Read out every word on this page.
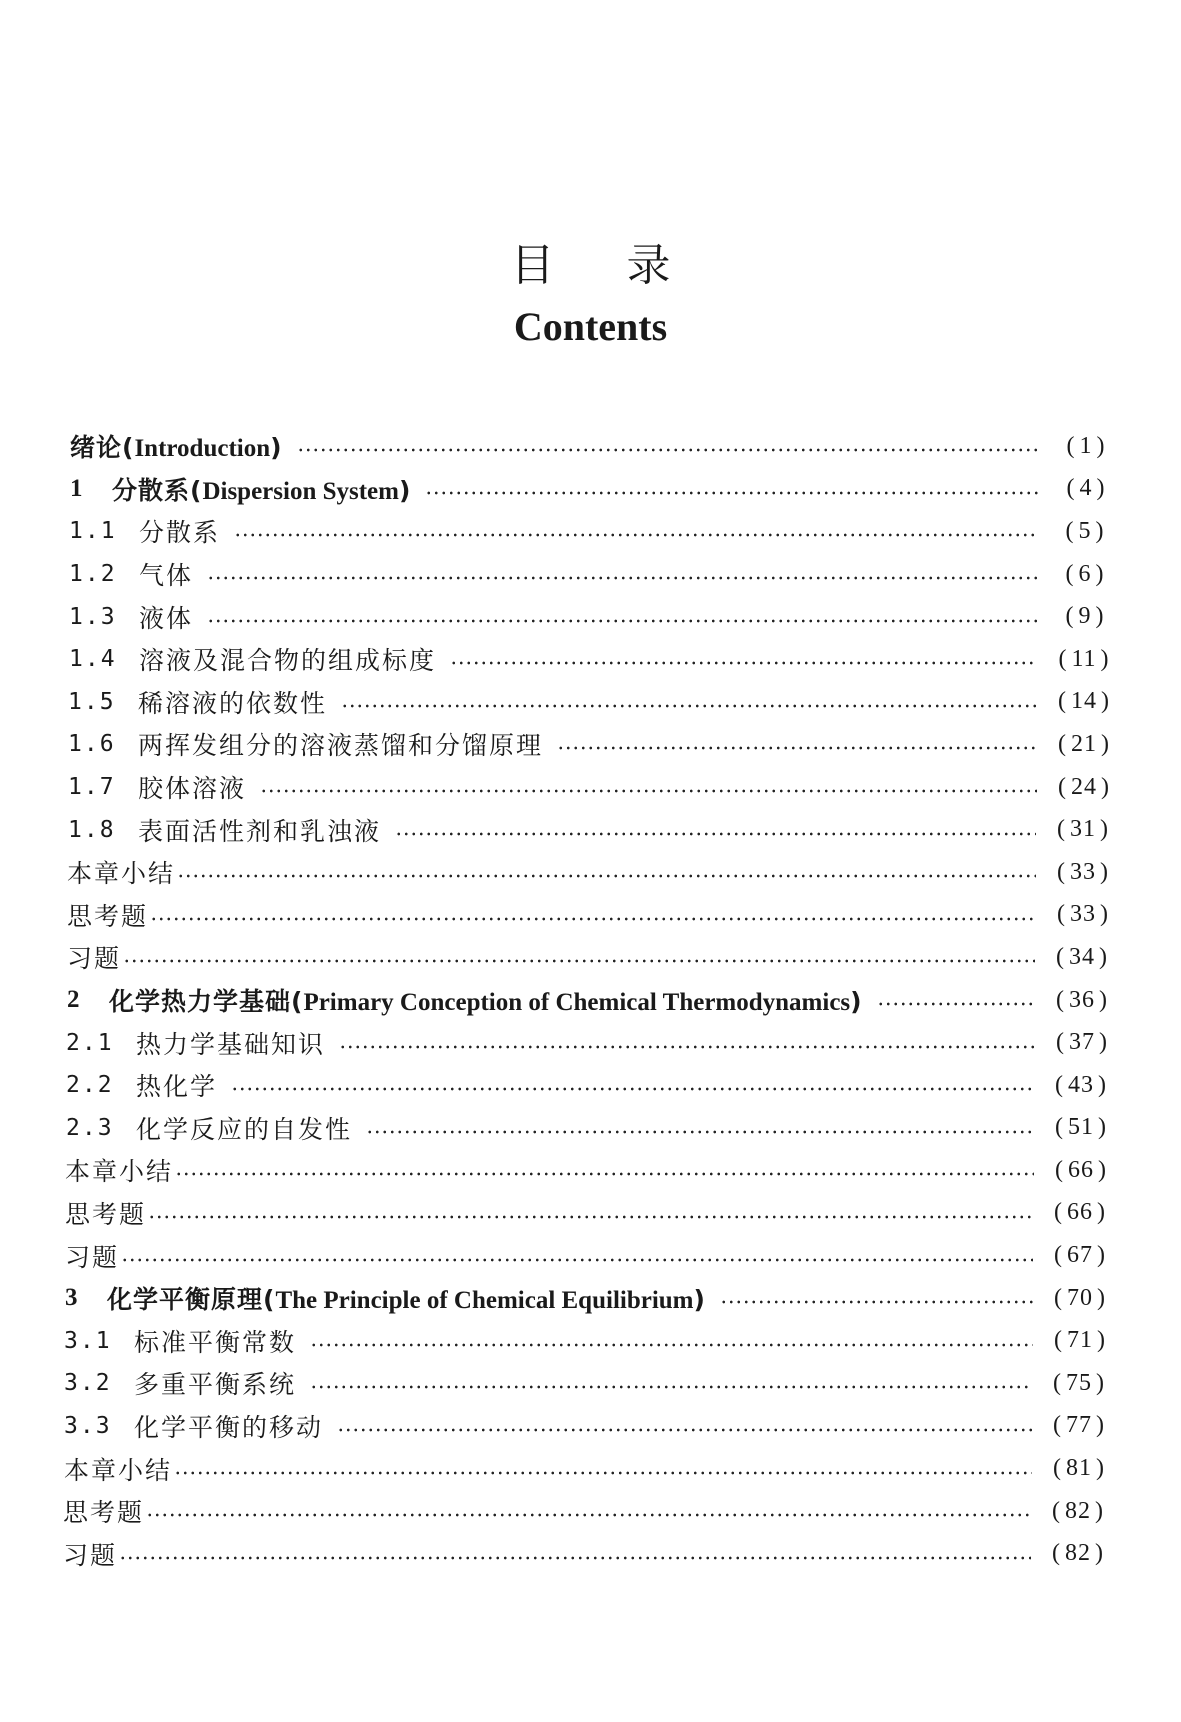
目录
Contents
绪论(Introduction)	( 1 )
1	分散系(Dispersion System)	( 4 )
1.1 分散系	( 5 )
1.2 气体	( 6 )
1.3 液体	( 9 )
1.4 溶液及混合物的组成标度	( 11 )
1.5 稀溶液的依数性	( 14 )
1.6 两挥发组分的溶液蒸馏和分馏原理	( 21 )
1.7 胶体溶液	( 24 )
1.8 表面活性剂和乳浊液	( 31 )
本章小结	( 33 )
思考题	( 33 )
习题	( 34 )
2	化学热力学基础(Primary Conception of Chemical Thermodynamics)	( 36 )
2.1 热力学基础知识	( 37 )
2.2 热化学	( 43 )
2.3 化学反应的自发性	( 51 )
本章小结	( 66 )
思考题	( 66 )
习题	( 67 )
3	化学平衡原理(The Principle of Chemical Equilibrium)	( 70 )
3.1 标准平衡常数	( 71 )
3.2 多重平衡系统	( 75 )
3.3 化学平衡的移动	( 77 )
本章小结	( 81 )
思考题	( 82 )
习题	( 82 )
